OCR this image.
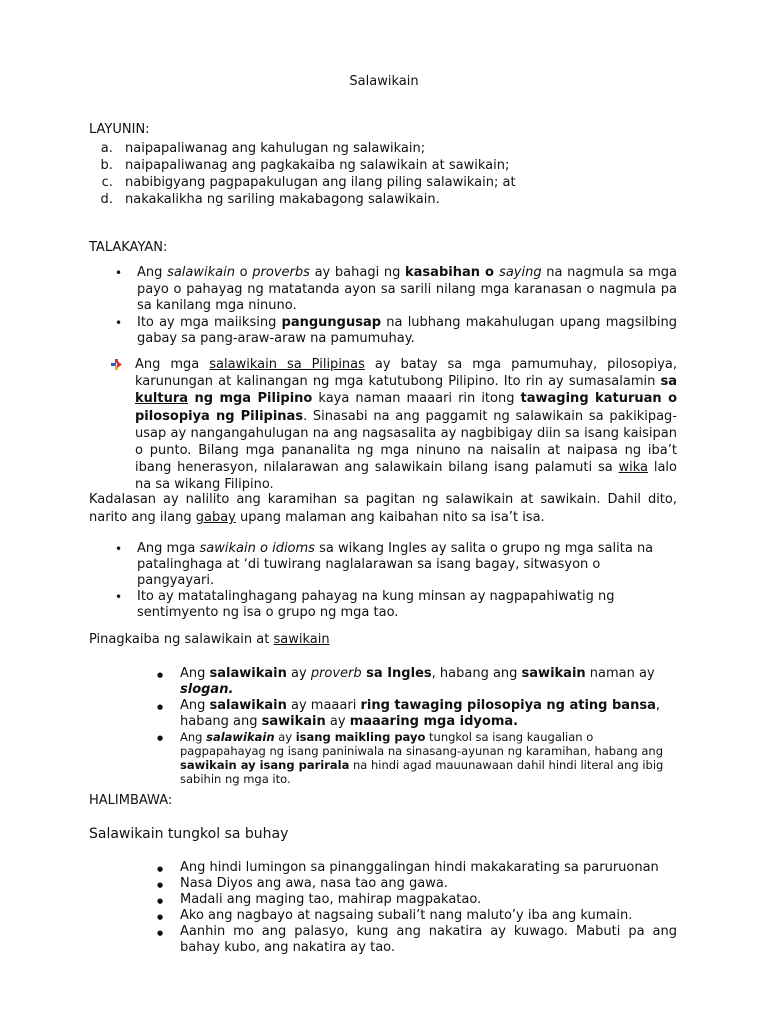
Salawikain
LAYUNIN:
a. naipapaliwanag ang kahulugan ng salawikain;
b. naipapaliwanag ang pagkakaiba ng salawikain at sawikain;
c. nabibigyang pagpapakulugan ang ilang piling salawikain; at
d. nakakalikha ng sariling makabagong salawikain.
TALAKAYAN:
• Ang salawikain o proverbs ay bahagi ng kasabihan o saying na nagmula sa mga payo o pahayag ng matatanda ayon sa sarili nilang mga karanasan o nagmula pa sa kanilang mga ninuno.
• Ito ay mga maiiksing pangungusap na lubhang makahulugan upang magsilbing gabay sa pang-araw-araw na pamumuhay.
Ang mga salawikain sa Pilipinas ay batay sa mga pamumuhay, pilosopiya, karunungan at kalinangan ng mga katutubong Pilipino. Ito rin ay sumasalamin sa kultura ng mga Pilipino kaya naman maaari rin itong tawaging katuruan o pilosopiya ng Pilipinas. Sinasabi na ang paggamit ng salawikain sa pakikipag-usap ay nangangahulugan na ang nagsasalita ay nagbibigay diin sa isang kaisipan o punto. Bilang mga pananalita ng mga ninuno na naisalin at naipasa ng iba’t ibang henerasyon, nilalarawan ang salawikain bilang isang palamuti sa wika lalo na sa wikang Filipino.
Kadalasan ay nalilito ang karamihan sa pagitan ng salawikain at sawikain. Dahil dito, narito ang ilang gabay upang malaman ang kaibahan nito sa isa’t isa.
• Ang mga sawikain o idioms sa wikang Ingles ay salita o grupo ng mga salita na patalinghaga at ‘di tuwirang naglalarawan sa isang bagay, sitwasyon o pangyayari.
• Ito ay matatalinghagang pahayag na kung minsan ay nagpapahiwatig ng sentimyento ng isa o grupo ng mga tao.
Pinagkaiba ng salawikain at sawikain
● Ang salawikain ay proverb sa Ingles, habang ang sawikain naman ay slogan.
● Ang salawikain ay maaari ring tawaging pilosopiya ng ating bansa, habang ang sawikain ay maaaring mga idyoma.
● Ang salawikain ay isang maikling payo tungkol sa isang kaugalian o pagpapahayag ng isang paniniwala na sinasang-ayunan ng karamihan, habang ang sawikain ay isang parirala na hindi agad mauunawaan dahil hindi literal ang ibig sabihin ng mga ito.
HALIMBAWA:
Salawikain tungkol sa buhay
● Ang hindi lumingon sa pinanggalingan hindi makakarating sa paruruonan
● Nasa Diyos ang awa, nasa tao ang gawa.
● Madali ang maging tao, mahirap magpakatao.
● Ako ang nagbayo at nagsaing subali’t nang maluto’y iba ang kumain.
● Aanhin mo ang palasyo, kung ang nakatira ay kuwago. Mabuti pa ang bahay kubo, ang nakatira ay tao.
